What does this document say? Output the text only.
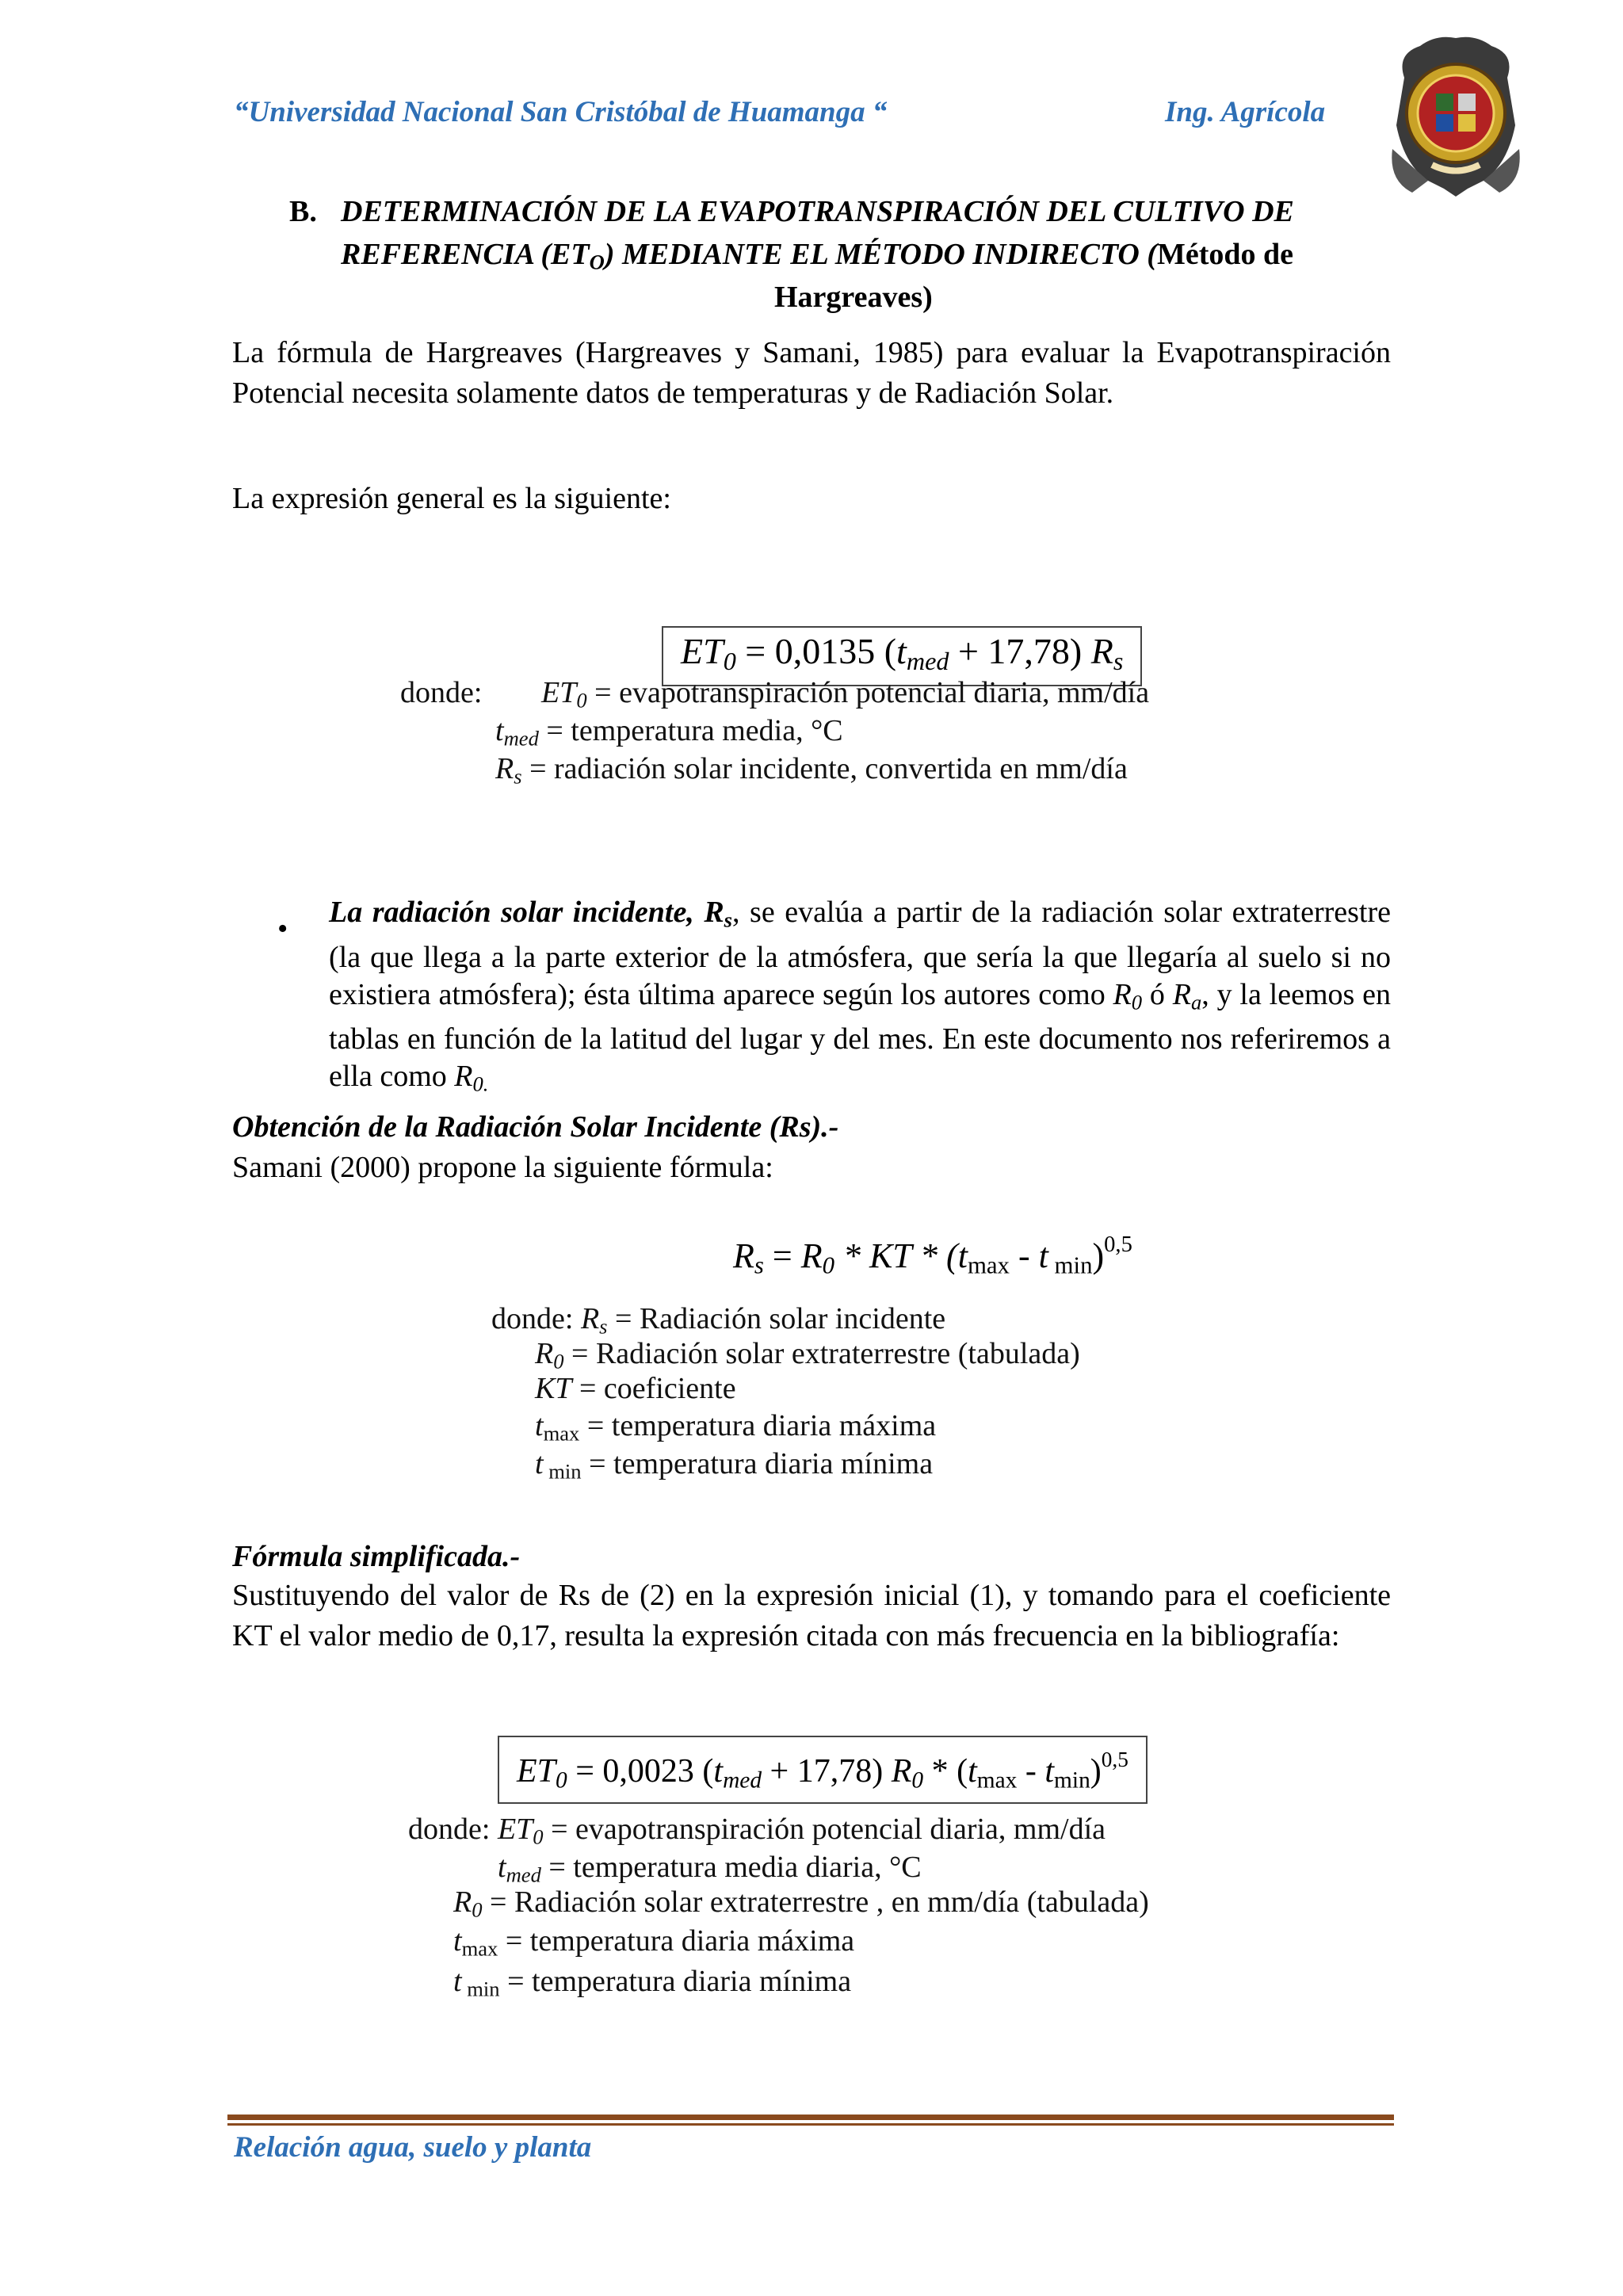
“Universidad Nacional San Cristóbal de Huamanga “	Ing. Agrícola
B. DETERMINACIÓN DE LA EVAPOTRANSPIRACIÓN DEL CULTIVO DE
REFERENCIA $(ET_O)$ MEDIANTE EL MÉTODO INDIRECTO (Método de
Hargreaves)
La fórmula de Hargreaves (Hargreaves y Samani, 1985) para evaluar la Evapotranspiración Potencial necesita solamente datos de temperaturas y de Radiación Solar.
La expresión general es la siguiente:
$ET_0 = 0,0135$ $(t_{med} + 17,78)$ $R_s$
donde: $ET_0$ = evapotranspiración potencial diaria, mm/día
$t_{med}$ = temperatura media, °C
$R_s$ = radiación solar incidente, convertida en mm/día
• La radiación solar incidente, $R_s$, se evalúa a partir de la radiación solar extraterrestre (la que llega a la parte exterior de la atmósfera, que sería la que llegaría al suelo si no existiera atmósfera); ésta última aparece según los autores como $R_0$ ó $R_a$, y la leemos en tablas en función de la latitud del lugar y del mes. En este documento nos referiremos a ella como $R_{0.}$
Obtención de la Radiación Solar Incidente (Rs).-
Samani (2000) propone la siguiente fórmula:
$R_s = R_0$ * KT * ($t_{max}$ - t $_{min}$)$^{0,5}$
donde: $R_s$ = Radiación solar incidente
$R_0$ = Radiación solar extraterrestre (tabulada)
KT = coeficiente
$t_{max}$ = temperatura diaria máxima
t $_{min}$ = temperatura diaria mínima
Fórmula simplificada.-
Sustituyendo del valor de Rs de (2) en la expresión inicial (1), y tomando para el coeficiente KT el valor medio de 0,17, resulta la expresión citada con más frecuencia en la bibliografía:
$ET_0 = 0,0023$ $(t_{med} + 17,78)$ $R_0 * (t_{max} - t_{min})^{0,5}$
donde: $ET_0$ = evapotranspiración potencial diaria, mm/día
$t_{med}$ = temperatura media diaria, °C
$R_0$ = Radiación solar extraterrestre , en mm/día (tabulada)
$t_{max}$ = temperatura diaria máxima
t $_{min}$ = temperatura diaria mínima
Relación agua, suelo y planta
